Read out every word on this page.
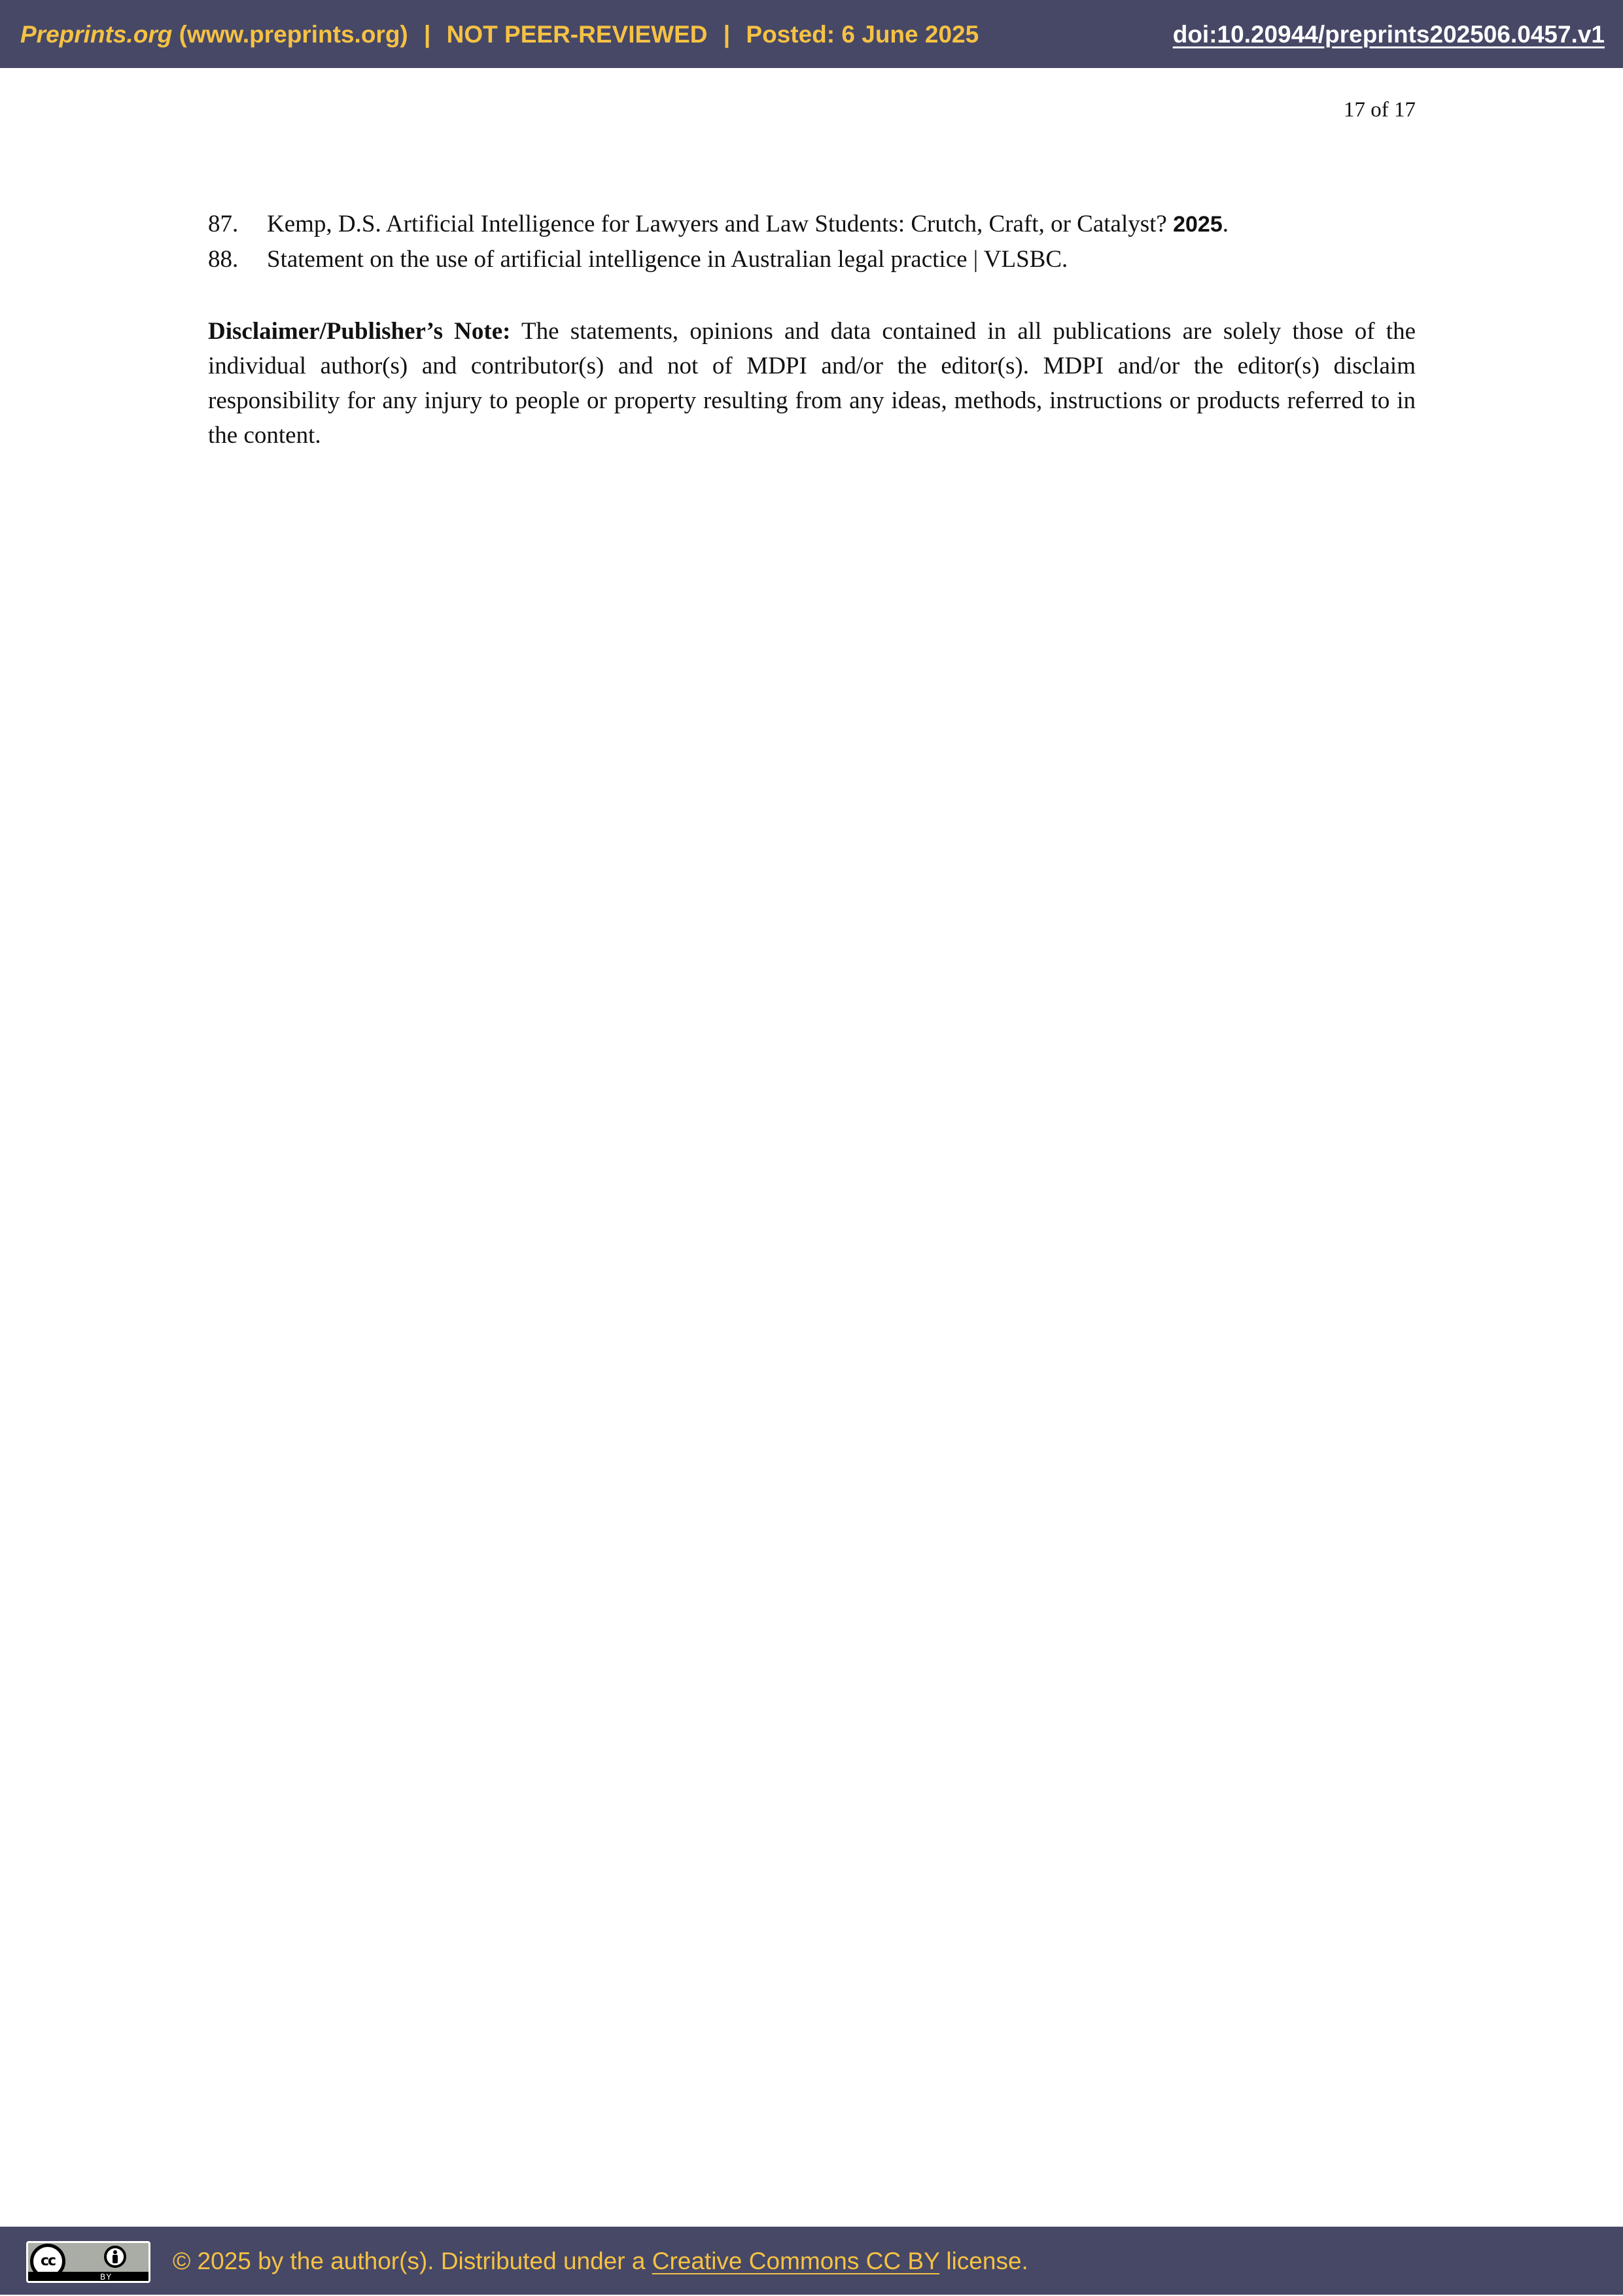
Preprints.org (www.preprints.org) | NOT PEER-REVIEWED | Posted: 6 June 2025	doi:10.20944/preprints202506.0457.v1
17 of 17
87. Kemp, D.S. Artificial Intelligence for Lawyers and Law Students: Crutch, Craft, or Catalyst? 2025.
88. Statement on the use of artificial intelligence in Australian legal practice | VLSBC.

Disclaimer/Publisher’s Note: The statements, opinions and data contained in all publications are solely those of the individual author(s) and contributor(s) and not of MDPI and/or the editor(s). MDPI and/or the editor(s) disclaim responsibility for any injury to people or property resulting from any ideas, methods, instructions or products referred to in the content.

cc
BY
© 2025 by the author(s). Distributed under a Creative Commons CC BY license.
